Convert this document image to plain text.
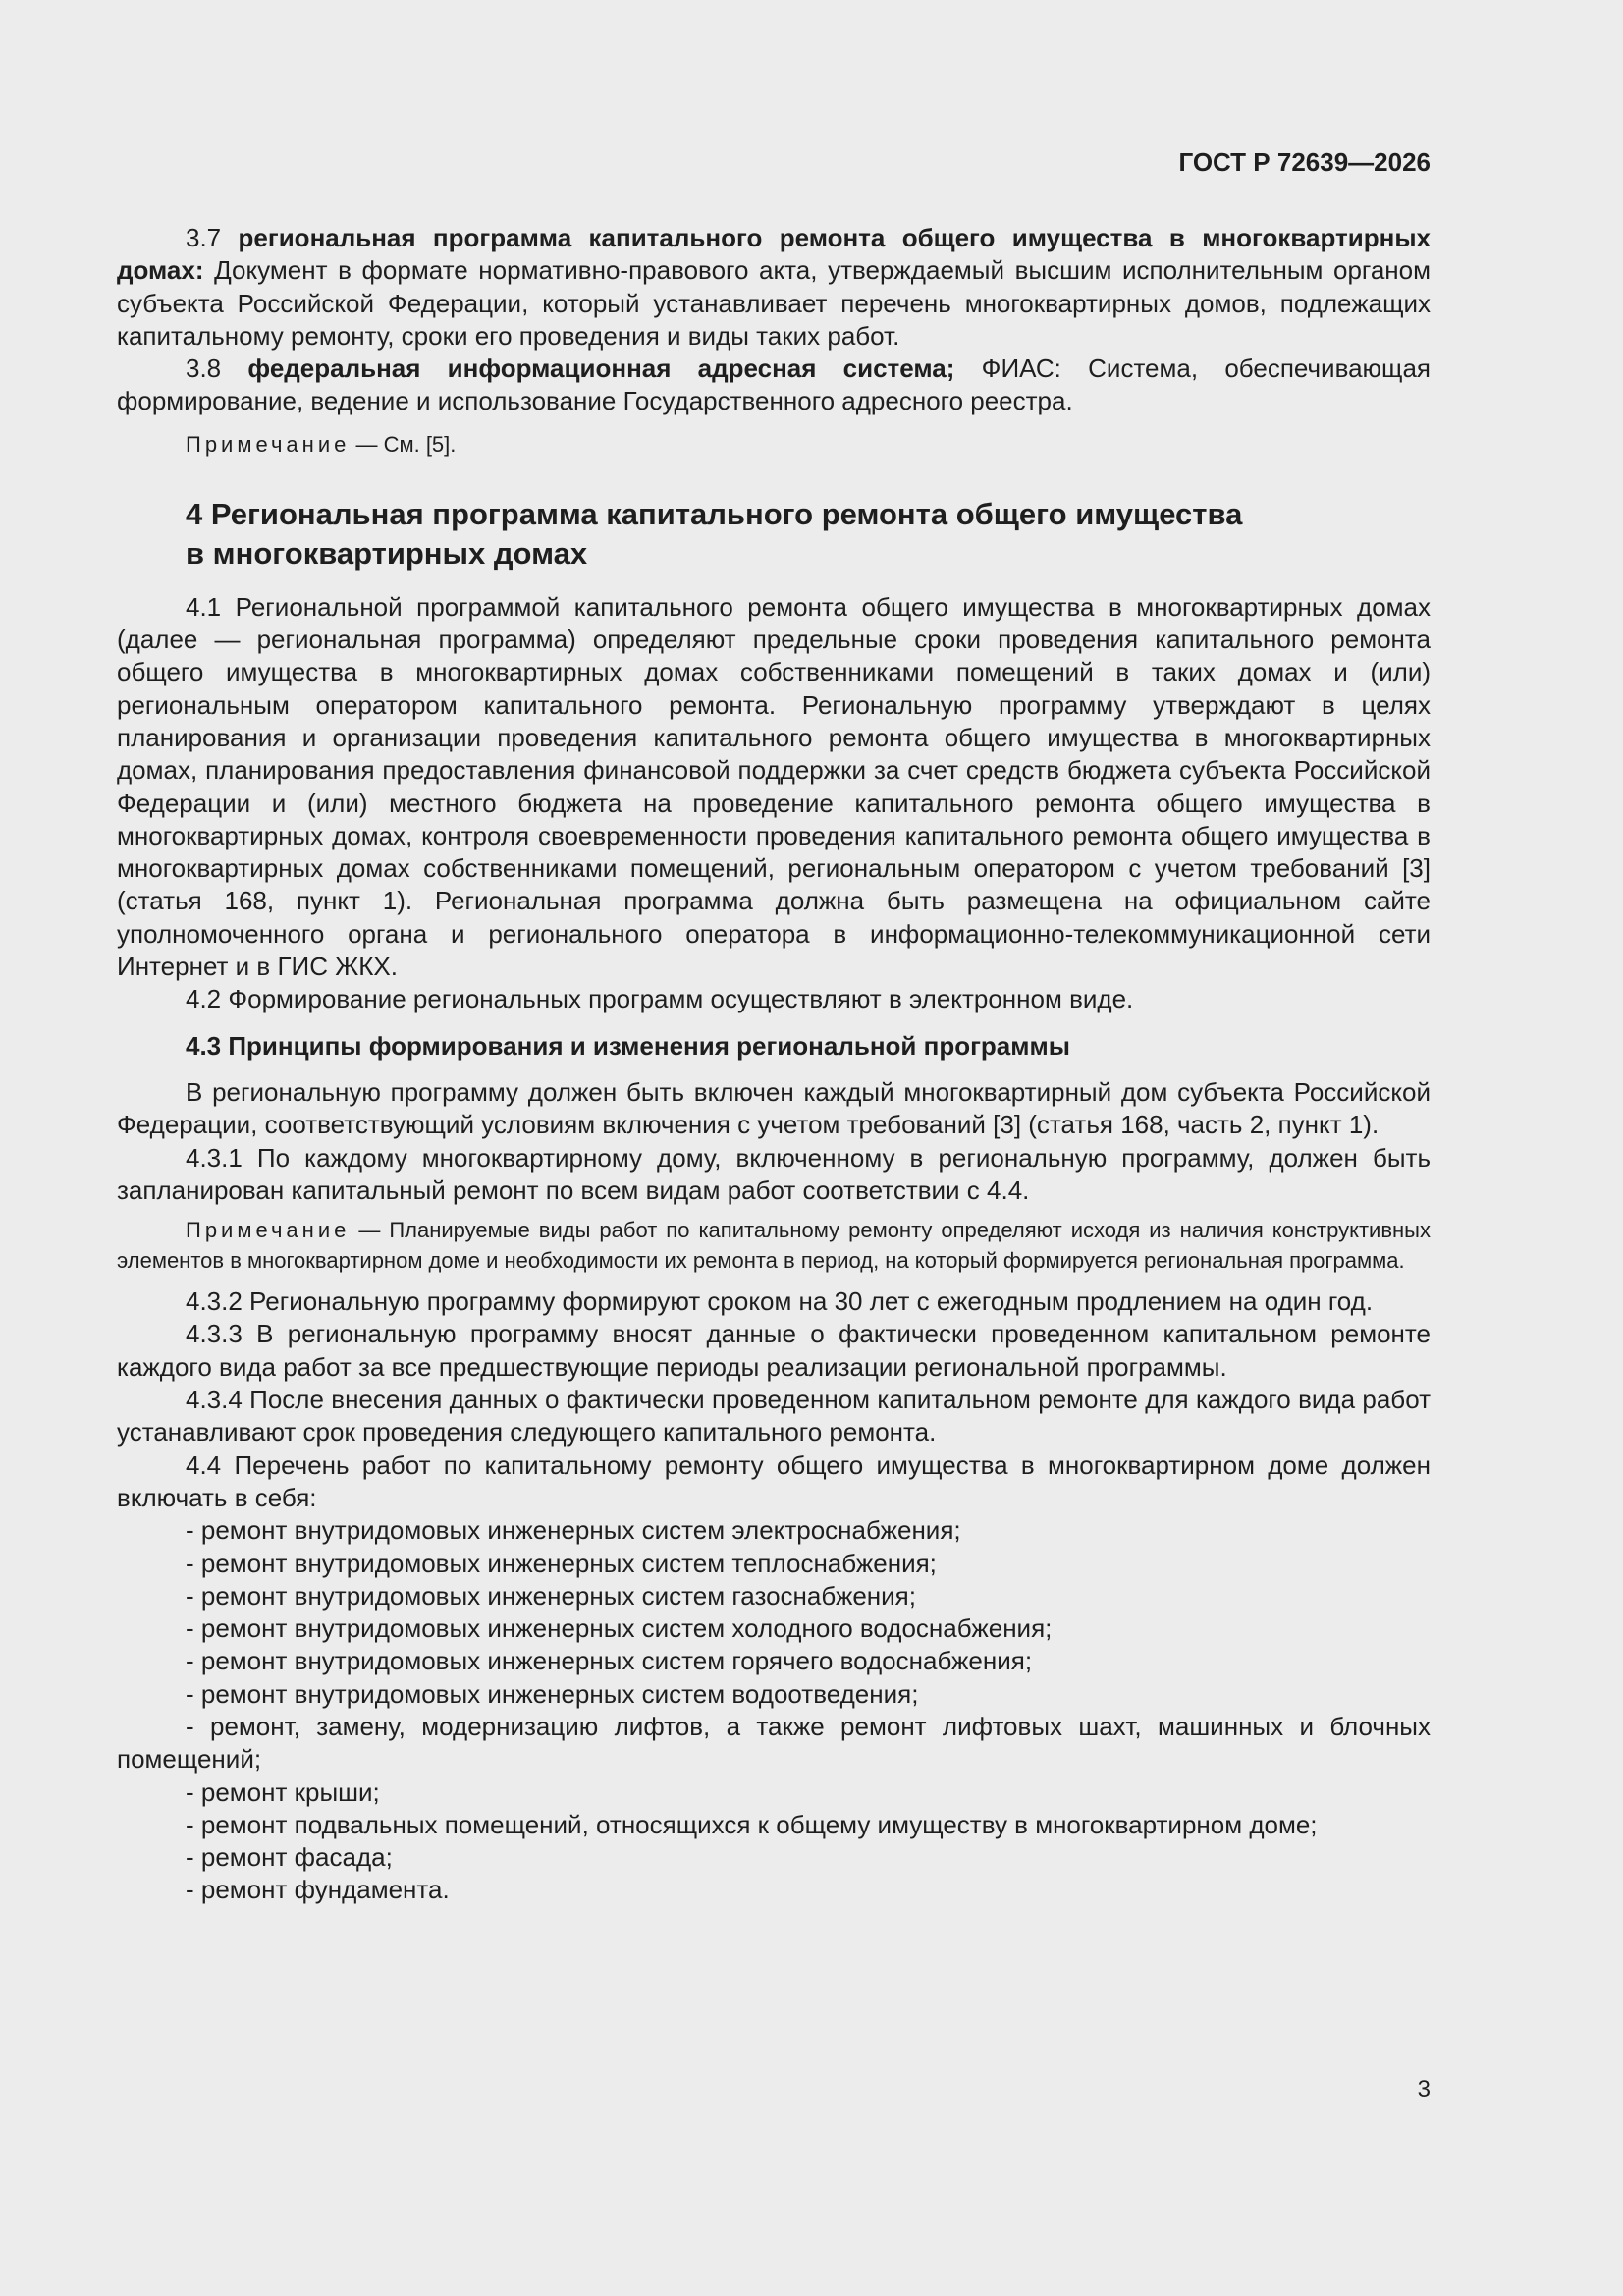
ГОСТ Р 72639—2026

3.7 региональная программа капитального ремонта общего имущества в многоквартирных домах: Документ в формате нормативно-правового акта, утверждаемый высшим исполнительным органом субъекта Российской Федерации, который устанавливает перечень многоквартирных домов, подлежащих капитальному ремонту, сроки его проведения и виды таких работ.

3.8 федеральная информационная адресная система; ФИАС: Система, обеспечивающая формирование, ведение и использование Государственного адресного реестра.

Примечание — См. [5].
4 Региональная программа капитального ремонта общего имущества
в многоквартирных домах

4.1 Региональной программой капитального ремонта общего имущества в многоквартирных домах (далее — региональная программа) определяют предельные сроки проведения капитального ремонта общего имущества в многоквартирных домах собственниками помещений в таких домах и (или) региональным оператором капитального ремонта. Региональную программу утверждают в целях планирования и организации проведения капитального ремонта общего имущества в многоквартирных домах, планирования предоставления финансовой поддержки за счет средств бюджета субъекта Российской Федерации и (или) местного бюджета на проведение капитального ремонта общего имущества в многоквартирных домах, контроля своевременности проведения капитального ремонта общего имущества в многоквартирных домах собственниками помещений, региональным оператором с учетом требований [3] (статья 168, пункт 1). Региональная программа должна быть размещена на официальном сайте уполномоченного органа и регионального оператора в информационно-телекоммуникационной сети Интернет и в ГИС ЖКХ.

4.2 Формирование региональных программ осуществляют в электронном виде.

4.3 Принципы формирования и изменения региональной программы

В региональную программу должен быть включен каждый многоквартирный дом субъекта Российской Федерации, соответствующий условиям включения с учетом требований [3] (статья 168, часть 2, пункт 1).

4.3.1 По каждому многоквартирному дому, включенному в региональную программу, должен быть запланирован капитальный ремонт по всем видам работ соответствии с 4.4.

Примечание — Планируемые виды работ по капитальному ремонту определяют исходя из наличия конструктивных элементов в многоквартирном доме и необходимости их ремонта в период, на который формируется региональная программа.

4.3.2 Региональную программу формируют сроком на 30 лет с ежегодным продлением на один год.

4.3.3 В региональную программу вносят данные о фактически проведенном капитальном ремонте каждого вида работ за все предшествующие периоды реализации региональной программы.

4.3.4 После внесения данных о фактически проведенном капитальном ремонте для каждого вида работ устанавливают срок проведения следующего капитального ремонта.

4.4 Перечень работ по капитальному ремонту общего имущества в многоквартирном доме должен включать в себя:

- ремонт внутридомовых инженерных систем электроснабжения;

- ремонт внутридомовых инженерных систем теплоснабжения;

- ремонт внутридомовых инженерных систем газоснабжения;

- ремонт внутридомовых инженерных систем холодного водоснабжения;

- ремонт внутридомовых инженерных систем горячего водоснабжения;

- ремонт внутридомовых инженерных систем водоотведения;

- ремонт, замену, модернизацию лифтов, а также ремонт лифтовых шахт, машинных и блочных помещений;

- ремонт крыши;

- ремонт подвальных помещений, относящихся к общему имуществу в многоквартирном доме;

- ремонт фасада;

- ремонт фундамента.

3
